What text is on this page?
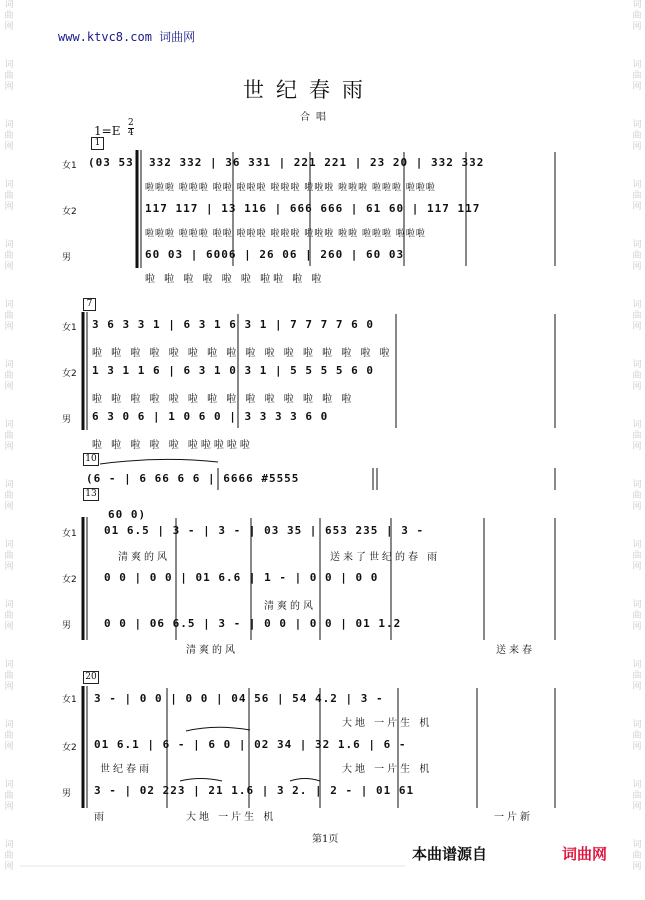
词
曲
网
词
曲
网
词
曲
网
词
曲
网
词
曲
网
词
曲
网
词
曲
网
词
曲
网
词
曲
网
词
曲
网
词
曲
网
词
曲
网
词
曲
网
词
曲
网
词
曲
网
词
曲
网
词
曲
网
词
曲
网
词
曲
网
词
曲
网
词
曲
网
词
曲
网
词
曲
网
词
曲
网
词
曲
网
词
曲
网
词
曲
网
词
曲
网
词
曲
网
词
曲
网
www.ktvc8.com 词曲网
世纪春雨
合唱
$1=E \frac{2}{4}$
1
7
10
13
20
女1
女2
男
(03 53) 332 332 | 36 331 | 221 221 | 23 20 | 332 332
啦啦啦 啦啦啦 啦啦 啦啦啦 啦啦啦 啦啦啦 啦啦啦 啦啦啦 啦啦啦
117 117 | 13 116 | 666 666 | 61 60 | 117 117
啦啦啦 啦啦啦 啦啦 啦啦啦 啦啦啦 啦啦啦 啦啦 啦啦啦 啦啦啦
60 03 | 6006 | 26 06 | 260 | 60 03
啦 啦 啦 啦 啦 啦 啦啦 啦 啦
女1
女2
男
3 6 3 3 1 | 6 3 1 6 3 1 | 7 7 7 7 6 0
啦 啦 啦 啦 啦 啦 啦 啦 啦 啦 啦 啦 啦 啦 啦 啦
1 3 1 1 6 | 6 3 1 0 3 1 | 5 5 5 5 6 0
啦 啦 啦 啦 啦 啦 啦 啦 啦 啦 啦 啦 啦 啦
6 3 0 6 | 1 0 6 0 | 3 3 3 3 6 0
啦 啦 啦 啦 啦 啦啦啦啦啦
(6 - | 6 66 6 6 | 6666 #5555
60 0)
女1
女2
男
01 6.5 | 3 - | 3 - | 03 35 | 653 235 | 3 -
清爽的风	送来了世纪的春 雨
0 0 | 0 0 | 01 6.6 | 1 - | 0 0 | 0 0
清爽的风
0 0 | 06 6.5 | 3 - | 0 0 | 0 0 | 01 1.2
清爽的风	送来春
女1
女2
男
3 - | 0 0 | 0 0 | 04 56 | 54 4.2 | 3 -
大地 一片生 机
01 6.1 | 6 - | 6 0 | 02 34 | 32 1.6 | 6 -
世纪春雨	大地 一片生 机
3 - | 02 223 | 21 1.6 | 3 2. | 2 - | 01 61
雨	大地 一片生 机	一片新
第1页
本曲谱源自	词曲网
